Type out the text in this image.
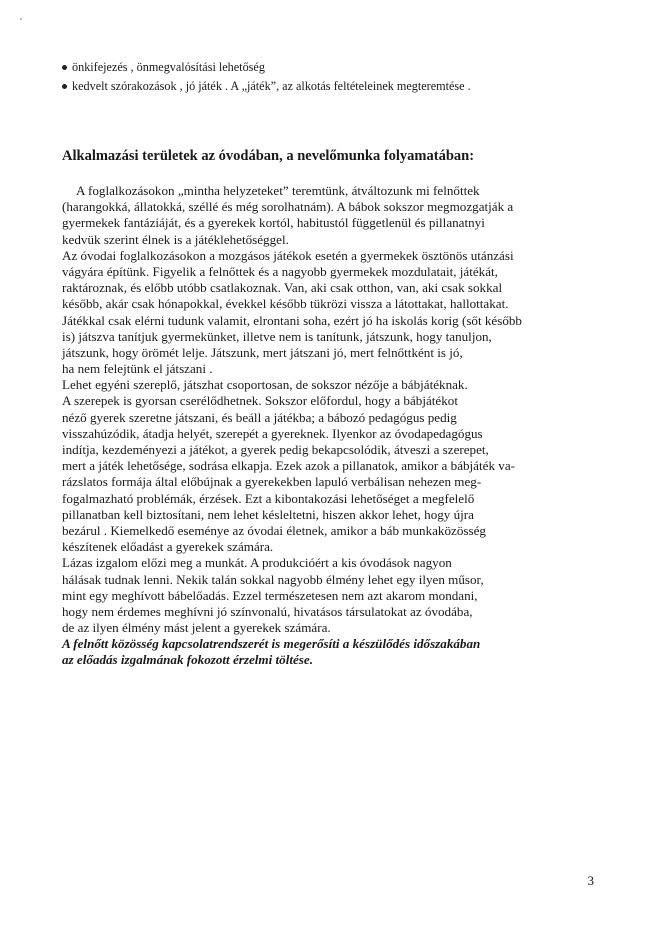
önkifejezés , önmegvalósítási lehetőség
kedvelt szórakozások , jó játék . A „játék”, az alkotás feltételeinek megteremtése .
Alkalmazási területek az óvodában, a nevelőmunka folyamatában:
A foglalkozásokon „mintha helyzeteket” teremtünk, átváltozunk mi felnőttek
(harangokká, állatokká, széllé és még sorolhatnám). A bábok sokszor megmozgatják a
gyermekek fantáziáját, és a gyerekek kortól, habitustól függetlenül és pillanatnyi
kedvük szerint élnek is a játéklehetőséggel.
Az óvodai foglalkozásokon a mozgásos játékok esetén a gyermekek ösztönös utánzási
vágyára építünk. Figyelik a felnőttek és a nagyobb gyermekek mozdulatait, játékát,
raktároznak, és előbb utóbb csatlakoznak. Van, aki csak otthon, van, aki csak sokkal
később, akár csak hónapokkal, évekkel később tükrözi vissza a látottakat, hallottakat.
Játékkal csak elérni tudunk valamit, elrontani soha, ezért jó ha iskolás korig (sőt később
is) játszva tanítjuk gyermekünket, illetve nem is tanítunk, játszunk, hogy tanuljon,
játszunk, hogy örömét lelje. Játszunk, mert játszani jó, mert felnőttként is jó,
ha nem felejtünk el játszani .
Lehet egyéni szereplő, játszhat csoportosan, de sokszor nézője a bábjátéknak.
A szerepek is gyorsan cserélődhetnek. Sokszor előfordul, hogy a bábjátékot
néző gyerek szeretne játszani, és beáll a játékba; a bábozó pedagógus pedig
visszahúzódik, átadja helyét, szerepét a gyereknek. Ilyenkor az óvodapedagógus
indítja, kezdeményezi a játékot, a gyerek pedig bekapcsolódik, átveszi a szerepet,
mert a játék lehetősége, sodrása elkapja. Ezek azok a pillanatok, amikor a bábjáték va-
rázslatos formája által előbújnak a gyerekekben lapuló verbálisan nehezen meg-
fogalmazható problémák, érzések. Ezt a kibontakozási lehetőséget a megfelelő
pillanatban kell biztosítani, nem lehet késleltetni, hiszen akkor lehet, hogy újra
bezárul . Kiemelkedő eseménye az óvodai életnek, amikor a báb munkaközösség
készítenek előadást a gyerekek számára.
Lázas izgalom előzi meg a munkát. A produkcióért a kis óvodások nagyon
hálásak tudnak lenni. Nekik talán sokkal nagyobb élmény lehet egy ilyen műsor,
mint egy meghívott bábelőadás. Ezzel természetesen nem azt akarom mondani,
hogy nem érdemes meghívni jó színvonalú, hivatásos társulatokat az óvodába,
de az ilyen élmény mást jelent a gyerekek számára.
A felnőtt közösség kapcsolatrendszerét is megerősíti a készülődés időszakában
az előadás izgalmának fokozott érzelmi töltése.
3
